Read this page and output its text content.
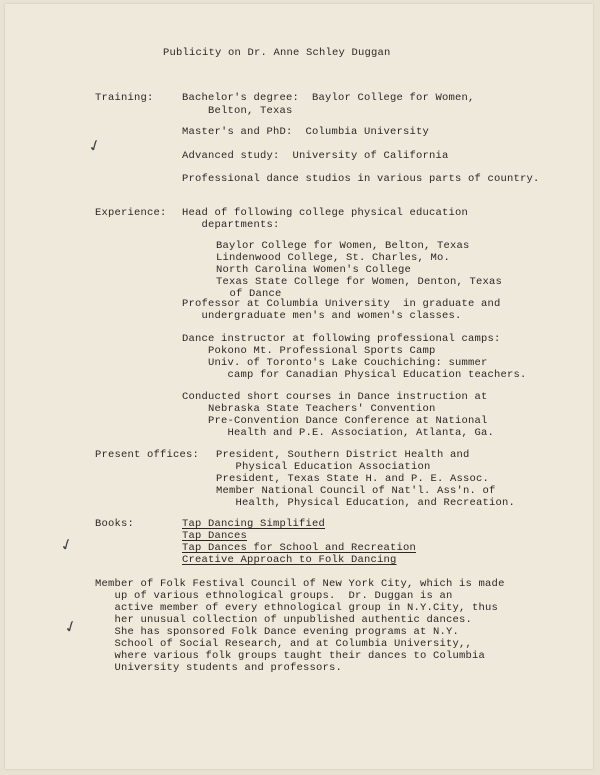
Publicity on Dr. Anne Schley Duggan
Training:	Bachelor's degree:  Baylor College for Women,
Belton, Texas
Master's and PhD:  Columbia University
Advanced study:  University of California
Professional dance studios in various parts of country.
✓
Experience: Head of following college physical education
departments:
Baylor College for Women, Belton, Texas
Lindenwood College, St. Charles, Mo.
North Carolina Women's College
Texas State College for Women, Denton, Texas
of Dance
Professor at Columbia University  in graduate and
undergraduate men's and women's classes.
Dance instructor at following professional camps:
Pokono Mt. Professional Sports Camp
Univ. of Toronto's Lake Couchiching: summer
camp for Canadian Physical Education teachers.
Conducted short courses in Dance instruction at
Nebraska State Teachers' Convention
Pre-Convention Dance Conference at National
Health and P.E. Association, Atlanta, Ga.
Present offices: President, Southern District Health and
Physical Education Association
President, Texas State H. and P. E. Assoc.
Member National Council of Nat'l. Ass'n. of
Health, Physical Education, and Recreation.
Books:	Tap Dancing Simplified
Tap Dances
Tap Dances for School and Recreation
Creative Approach to Folk Dancing
✓
Member of Folk Festival Council of New York City, which is made
up of various ethnological groups.  Dr. Duggan is an
active member of every ethnological group in N.Y.City, thus
her unusual collection of unpublished authentic dances.
She has sponsored Folk Dance evening programs at N.Y.
School of Social Research, and at Columbia University,,
where various folk groups taught their dances to Columbia
University students and professors.
✓
